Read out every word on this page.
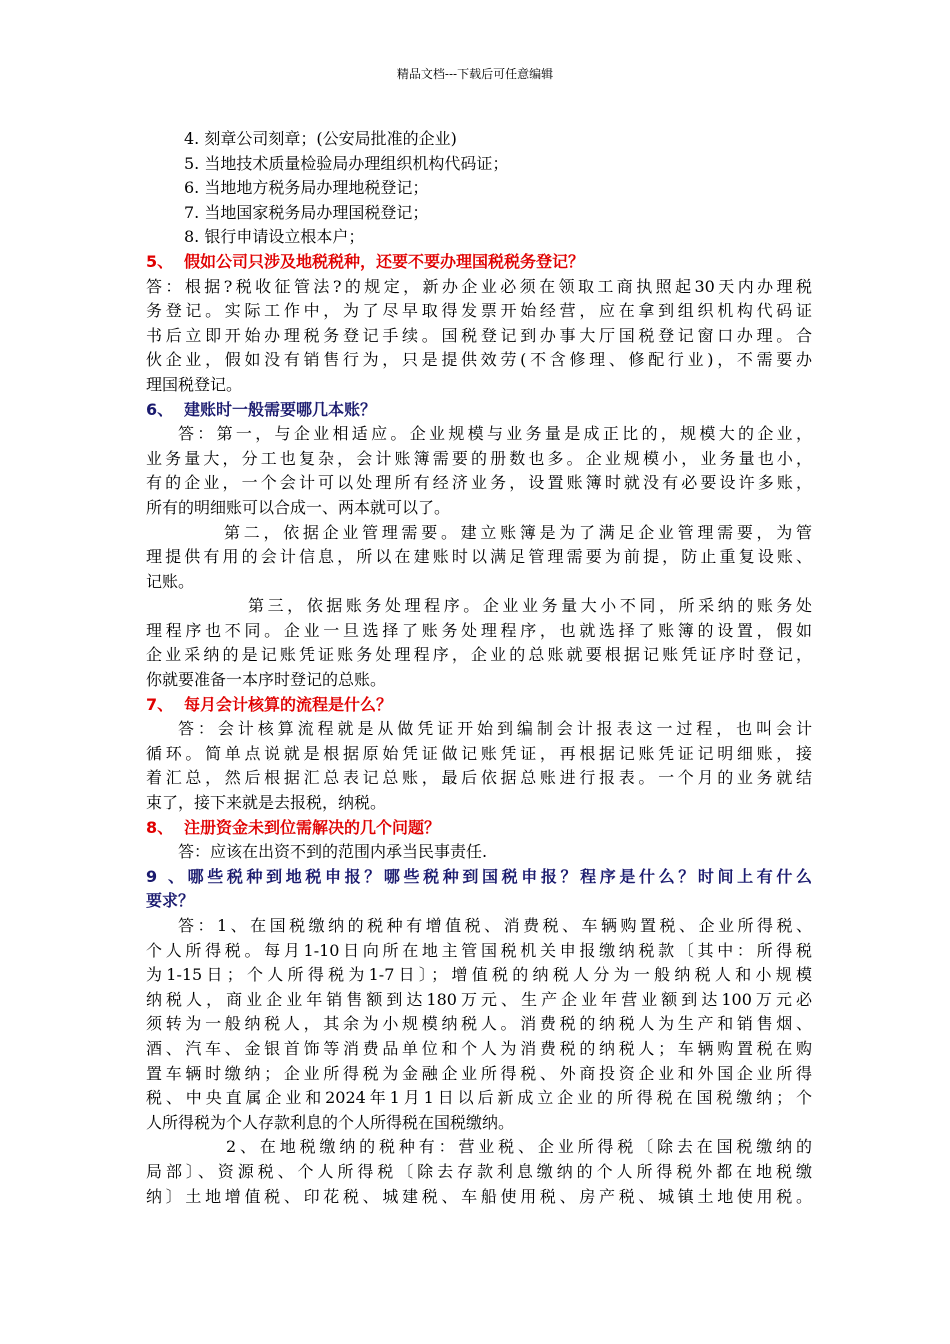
精品文档---下载后可任意编辑
4. 刻章公司刻章；(公安局批准的企业)
5. 当地技术质量检验局办理组织机构代码证；
6. 当地地方税务局办理地税登记；
7. 当地国家税务局办理国税登记；
8. 银行申请设立根本户；
5、 假如公司只涉及地税税种，还要不要办理国税税务登记？
答：根据?税收征管法?的规定，新办企业必须在领取工商执照起30天内办理税
务登记。实际工作中，为了尽早取得发票开始经营，应在拿到组织机构代码证
书后立即开始办理税务登记手续。国税登记到办事大厅国税登记窗口办理。合
伙企业，假如没有销售行为，只是提供效劳(不含修理、修配行业)，不需要办
理国税登记。
6、 建账时一般需要哪几本账？
答：第一，与企业相适应。企业规模与业务量是成正比的，规模大的企业，
业务量大，分工也复杂，会计账簿需要的册数也多。企业规模小，业务量也小，
有的企业，一个会计可以处理所有经济业务，设置账簿时就没有必要设许多账，
所有的明细账可以合成一、两本就可以了。
第二，依据企业管理需要。建立账簿是为了满足企业管理需要，为管
理提供有用的会计信息，所以在建账时以满足管理需要为前提，防止重复设账、
记账。
第三，依据账务处理程序。企业业务量大小不同，所采纳的账务处
理程序也不同。企业一旦选择了账务处理程序，也就选择了账簿的设置，假如
企业采纳的是记账凭证账务处理程序，企业的总账就要根据记账凭证序时登记，
你就要准备一本序时登记的总账。
7、 每月会计核算的流程是什么？
答：会计核算流程就是从做凭证开始到编制会计报表这一过程，也叫会计
循环。简单点说就是根据原始凭证做记账凭证，再根据记账凭证记明细账，接
着汇总，然后根据汇总表记总账，最后依据总账进行报表。一个月的业务就结
束了，接下来就是去报税，纳税。
8、 注册资金未到位需解决的几个问题？
答：应该在出资不到的范围内承当民事责任.
9、哪些税种到地税申报？哪些税种到国税申报？程序是什么？时间上有什么
要求？
答：1、在国税缴纳的税种有增值税、消费税、车辆购置税、企业所得税、
个人所得税。每月1-10日向所在地主管国税机关申报缴纳税款〔其中：所得税
为1-15日；个人所得税为1-7日〕；增值税的纳税人分为一般纳税人和小规模
纳税人，商业企业年销售额到达180万元、生产企业年营业额到达100万元必
须转为一般纳税人，其余为小规模纳税人。消费税的纳税人为生产和销售烟、
酒、汽车、金银首饰等消费品单位和个人为消费税的纳税人；车辆购置税在购
置车辆时缴纳；企业所得税为金融企业所得税、外商投资企业和外国企业所得
税、中央直属企业和2024年1月1日以后新成立企业的所得税在国税缴纳；个
人所得税为个人存款利息的个人所得税在国税缴纳。
2、在地税缴纳的税种有：营业税、企业所得税〔除去在国税缴纳的
局部〕、资源税、个人所得税〔除去存款利息缴纳的个人所得税外都在地税缴
纳〕土地增值税、印花税、城建税、车船使用税、房产税、城镇土地使用税。
